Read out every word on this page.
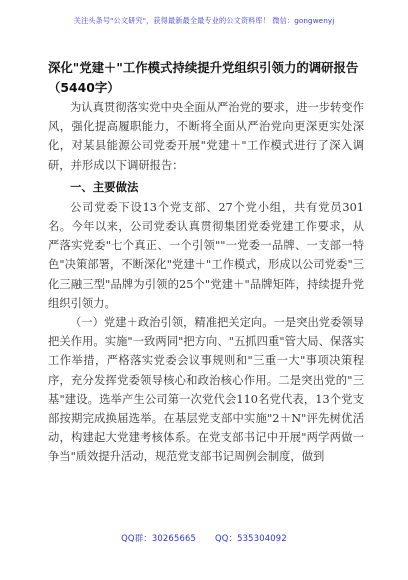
关注头条号"公文研究"，获得最新最全最专业的公文资料库！ 微信：gongwenyj
深化"党建＋"工作模式持续提升党组织引领力的调研报告（5440字）

为认真贯彻落实党中央全面从严治党的要求，进一步转变作风，强化提高履职能力，不断将全面从严治党向更深更实处深化，对某县能源公司党委开展"党建＋"工作模式进行了深入调研，并形成以下调研报告：

一、主要做法

公司党委下设13个党支部、27个党小组，共有党员301名。今年以来，公司党委认真贯彻集团党委党建工作要求，从严落实党委"七个真正、一个引领""一党委一品牌、一支部一特色"决策部署，不断深化"党建＋"工作模式，形成以公司党委"三化三融三型"品牌为引领的25个"党建＋"品牌矩阵，持续提升党组织引领力。

（一）党建＋政治引领，精准把关定向。一是突出党委领导把关作用。实施"一致两同"把方向、"五抓四重"管大局、保落实工作举措，严格落实党委会议事规则和"三重一大"事项决策程序，充分发挥党委领导核心和政治核心作用。二是突出党的"三基"建设。选举产生公司第一次党代会110名党代表，13个党支部按期完成换届选举。在基层党支部中实施"2＋N"评先树优活动，构建起大党建考核体系。在党支部书记中开展"两学两做一争当"质效提升活动，规范党支部书记周例会制度，做到

QQ群：30265665 QQ：535304092
